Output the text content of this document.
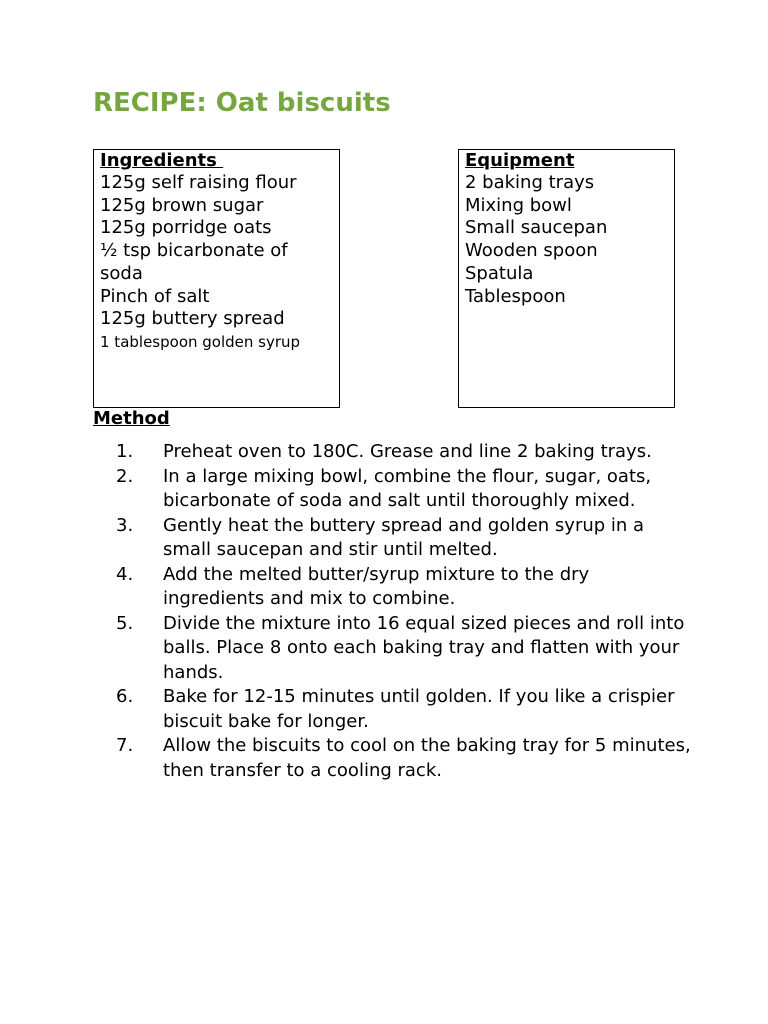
RECIPE: Oat biscuits
Ingredients
125g self raising flour
125g brown sugar
125g porridge oats
½ tsp bicarbonate of soda
Pinch of salt
125g buttery spread
1 tablespoon golden syrup
Equipment
2 baking trays
Mixing bowl
Small saucepan
Wooden spoon
Spatula
Tablespoon
Method
1.	Preheat oven to 180C. Grease and line 2 baking trays.
2.	In a large mixing bowl, combine the flour, sugar, oats, bicarbonate of soda and salt until thoroughly mixed.
3.	Gently heat the buttery spread and golden syrup in a small saucepan and stir until melted.
4.	Add the melted butter/syrup mixture to the dry ingredients and mix to combine.
5.	Divide the mixture into 16 equal sized pieces and roll into balls. Place 8 onto each baking tray and flatten with your hands.
6.	Bake for 12-15 minutes until golden. If you like a crispier biscuit bake for longer.
7.	Allow the biscuits to cool on the baking tray for 5 minutes, then transfer to a cooling rack.
